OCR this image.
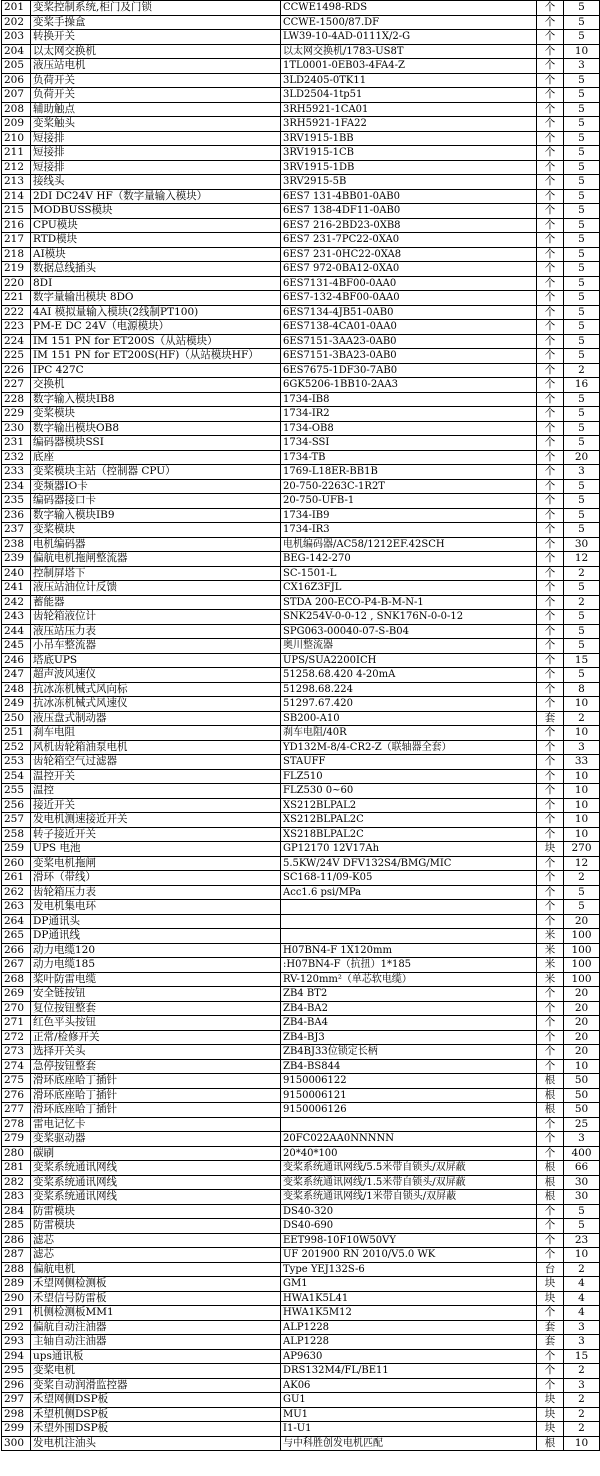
201	变桨控制系统,柜门及门锁	CCWE1498-RDS	个	5
202	变桨手操盒	CCWE-1500/87.DF	个	5
203	转换开关	LW39-10-4AD-0111X/2-G	个	5
204	以太网交换机	以太网交换机/1783-US8T	个	10
205	液压站电机	1TL0001-0EB03-4FA4-Z	个	3
206	负荷开关	3LD2405-0TK11	个	5
207	负荷开关	3LD2504-1tp51	个	5
208	辅助触点	3RH5921-1CA01	个	5
209	变桨触头	3RH5921-1FA22	个	5
210	短接排	3RV1915-1BB	个	5
211	短接排	3RV1915-1CB	个	5
212	短接排	3RV1915-1DB	个	5
213	接线头	3RV2915-5B	个	5
214	2DI DC24V HF（数字量输入模块）	6ES7 131-4BB01-0AB0	个	5
215	MODBUSS模块	6ES7 138-4DF11-0AB0	个	5
216	CPU模块	6ES7 216-2BD23-0XB8	个	5
217	RTD模块	6ES7 231-7PC22-0XA0	个	5
218	AI模块	6ES7 231-0HC22-0XA8	个	5
219	数据总线插头	6ES7 972-0BA12-0XA0	个	5
220	8DI	6ES7131-4BF00-0AA0	个	5
221	数字量输出模块 8DO	6ES7-132-4BF00-0AA0	个	5
222	4AI 模拟量输入模块(2线制PT100)	6ES7134-4JB51-0AB0	个	5
223	PM-E DC 24V（电源模块）	6ES7138-4CA01-0AA0	个	5
224	IM 151 PN for ET200S（从站模块）	6ES7151-3AA23-0AB0	个	5
225	IM 151 PN for ET200S(HF)（从站模块HF）	6ES7151-3BA23-0AB0	个	5
226	IPC 427C	6ES7675-1DF30-7AB0	个	2
227	交换机	6GK5206-1BB10-2AA3	个	16
228	数字输入模块IB8	1734-IB8	个	5
229	变桨模块	1734-IR2	个	5
230	数字输出模块OB8	1734-OB8	个	5
231	编码器模块SSI	1734-SSI	个	5
232	底座	1734-TB	个	20
233	变桨模块主站（控制器 CPU）	1769-L18ER-BB1B	个	3
234	变频器IO卡	20-750-2263C-1R2T	个	5
235	编码器接口卡	20-750-UFB-1	个	5
236	数字输入模块IB9	1734-IB9	个	5
237	变桨模块	1734-IR3	个	5
238	电机编码器	电机编码器/AC58/1212EF.42SCH	个	30
239	偏航电机拖闸整流器	BEG-142-270	个	12
240	控制屏塔下	SC-1501-L	个	2
241	液压站油位计反馈	CX16Z3FJL	个	5
242	蓄能器	STDA 200-ECO-P4-B-M-N-1	个	2
243	齿轮箱液位计	SNK254V-0-0-12 , SNK176N-0-0-12	个	5
244	液压站压力表	SPG063-00040-07-S-B04	个	5
245	小吊车整流器	奥川整流器	个	5
246	塔底UPS	UPS/SUA2200ICH	个	15
247	超声波风速仪	51258.68.420 4-20mA	个	5
248	抗冰冻机械式风向标	51298.68.224	个	8
249	抗冰冻机械式风速仪	51297.67.420	个	10
250	液压盘式制动器	SB200-A10	套	2
251	刹车电阻	刹车电阻/40R	个	10
252	风机齿轮箱油泵电机	YD132M-8/4-CR2-Z（联轴器全套）	个	3
253	齿轮箱空气过滤器	STAUFF	个	33
254	温控开关	FLZ510	个	10
255	温控	FLZ530 0~60	个	10
256	接近开关	XS212BLPAL2	个	10
257	发电机测速接近开关	XS212BLPAL2C	个	10
258	转子接近开关	XS218BLPAL2C	个	10
259	UPS 电池	GP12170 12V17Ah	块	270
260	变桨电机拖闸	5.5KW/24V DFV132S4/BMG/MIC	个	12
261	滑环（带线）	SC168-11/09-K05	个	2
262	齿轮箱压力表	Acc1.6 psi/MPa	个	5
263	发电机集电环		个	5
264	DP通讯头		个	20
265	DP通讯线		米	100
266	动力电缆120	H07BN4-F 1X120mm	米	100
267	动力电缆185	:H07BN4-F（抗扭）1*185	米	100
268	桨叶防雷电缆	RV-120mm²（单芯软电缆）	米	100
269	安全链按钮	ZB4 BT2	个	20
270	复位按钮整套	ZB4-BA2	个	20
271	红色平头按钮	ZB4-BA4	个	20
272	正常/检修开关	ZB4-BJ3	个	20
273	选择开关头	ZB4BJ33位锁定长柄	个	20
274	急停按钮整套	ZB4-BS844	个	10
275	滑环底座哈丁插针	9150006122	根	50
276	滑环底座哈丁插针	9150006121	根	50
277	滑环底座哈丁插针	9150006126	根	50
278	雷电记忆卡		个	25
279	变桨驱动器	20FC022AA0NNNNN	个	3
280	碳刷	20*40*100	个	400
281	变桨系统通讯网线	变桨系统通讯网线/5.5米带自锁头/双屏蔽	根	66
282	变桨系统通讯网线	变桨系统通讯网线/1.5米带自锁头/双屏蔽	根	30
283	变桨系统通讯网线	变桨系统通讯网线/1米带自锁头/双屏蔽	根	30
284	防雷模块	DS40-320	个	5
285	防雷模块	DS40-690	个	5
286	滤芯	EET998-10F10W50VY	个	23
287	滤芯	UF 201900 RN 2010/V5.0 WK	个	10
288	偏航电机	Type YEJ132S-6	台	2
289	禾望网侧检测板	GM1	块	4
290	禾望信号防雷板	HWA1K5L41	块	4
291	机侧检测板MM1	HWA1K5M12	个	4
292	偏航自动注油器	ALP1228	套	3
293	主轴自动注油器	ALP1228	套	3
294	ups通讯板	AP9630	个	15
295	变桨电机	DRS132M4/FL/BE11	个	2
296	变桨自动润滑监控器	AK06	个	3
297	禾望网侧DSP板	GU1	块	2
298	禾望机侧DSP板	MU1	块	2
299	禾望外围DSP板	I1-U1	块	2
300	发电机注油头	与中科胜创发电机匹配	根	10
